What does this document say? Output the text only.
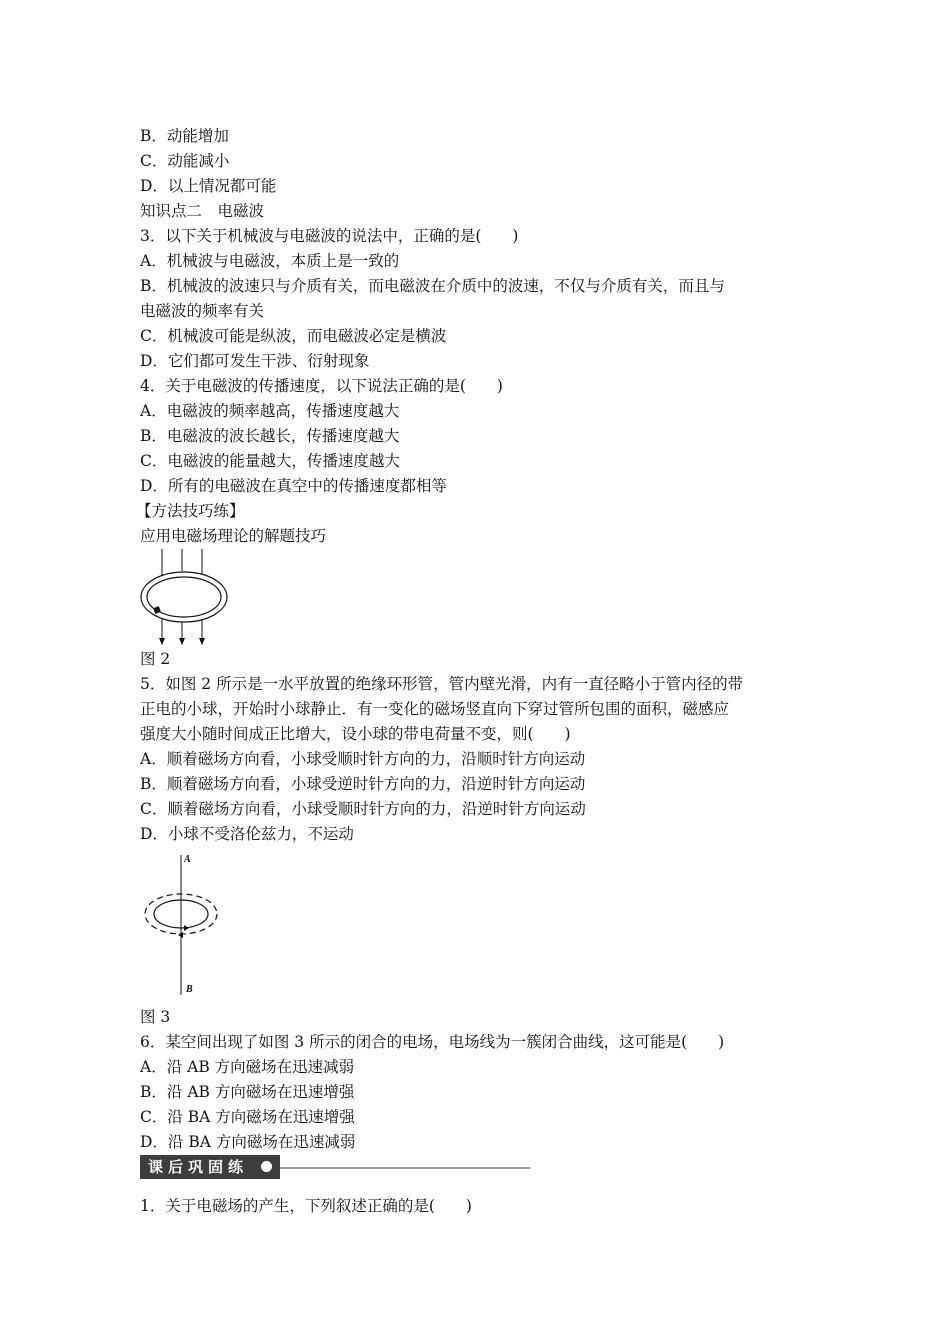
B．动能增加
C．动能减小
D．以上情况都可能
知识点二　电磁波
3．以下关于机械波与电磁波的说法中，正确的是(　　)
A．机械波与电磁波，本质上是一致的
B．机械波的波速只与介质有关，而电磁波在介质中的波速，不仅与介质有关，而且与
电磁波的频率有关
C．机械波可能是纵波，而电磁波必定是横波
D．它们都可发生干涉、衍射现象
4．关于电磁波的传播速度，以下说法正确的是(　　)
A．电磁波的频率越高，传播速度越大
B．电磁波的波长越长，传播速度越大
C．电磁波的能量越大，传播速度越大
D．所有的电磁波在真空中的传播速度都相等
【方法技巧练】
应用电磁场理论的解题技巧
图 2
5．如图 2 所示是一水平放置的绝缘环形管，管内壁光滑，内有一直径略小于管内径的带
正电的小球，开始时小球静止．有一变化的磁场竖直向下穿过管所包围的面积，磁感应
强度大小随时间成正比增大，设小球的带电荷量不变，则(　　)
A．顺着磁场方向看，小球受顺时针方向的力，沿顺时针方向运动
B．顺着磁场方向看，小球受逆时针方向的力，沿逆时针方向运动
C．顺着磁场方向看，小球受顺时针方向的力，沿逆时针方向运动
D．小球不受洛伦兹力，不运动
A
B
图 3
6．某空间出现了如图 3 所示的闭合的电场，电场线为一簇闭合曲线，这可能是(　　)
A．沿 AB 方向磁场在迅速减弱
B．沿 AB 方向磁场在迅速增强
C．沿 BA 方向磁场在迅速增强
D．沿 BA 方向磁场在迅速减弱
课后巩固练
1．关于电磁场的产生，下列叙述正确的是(　　)
